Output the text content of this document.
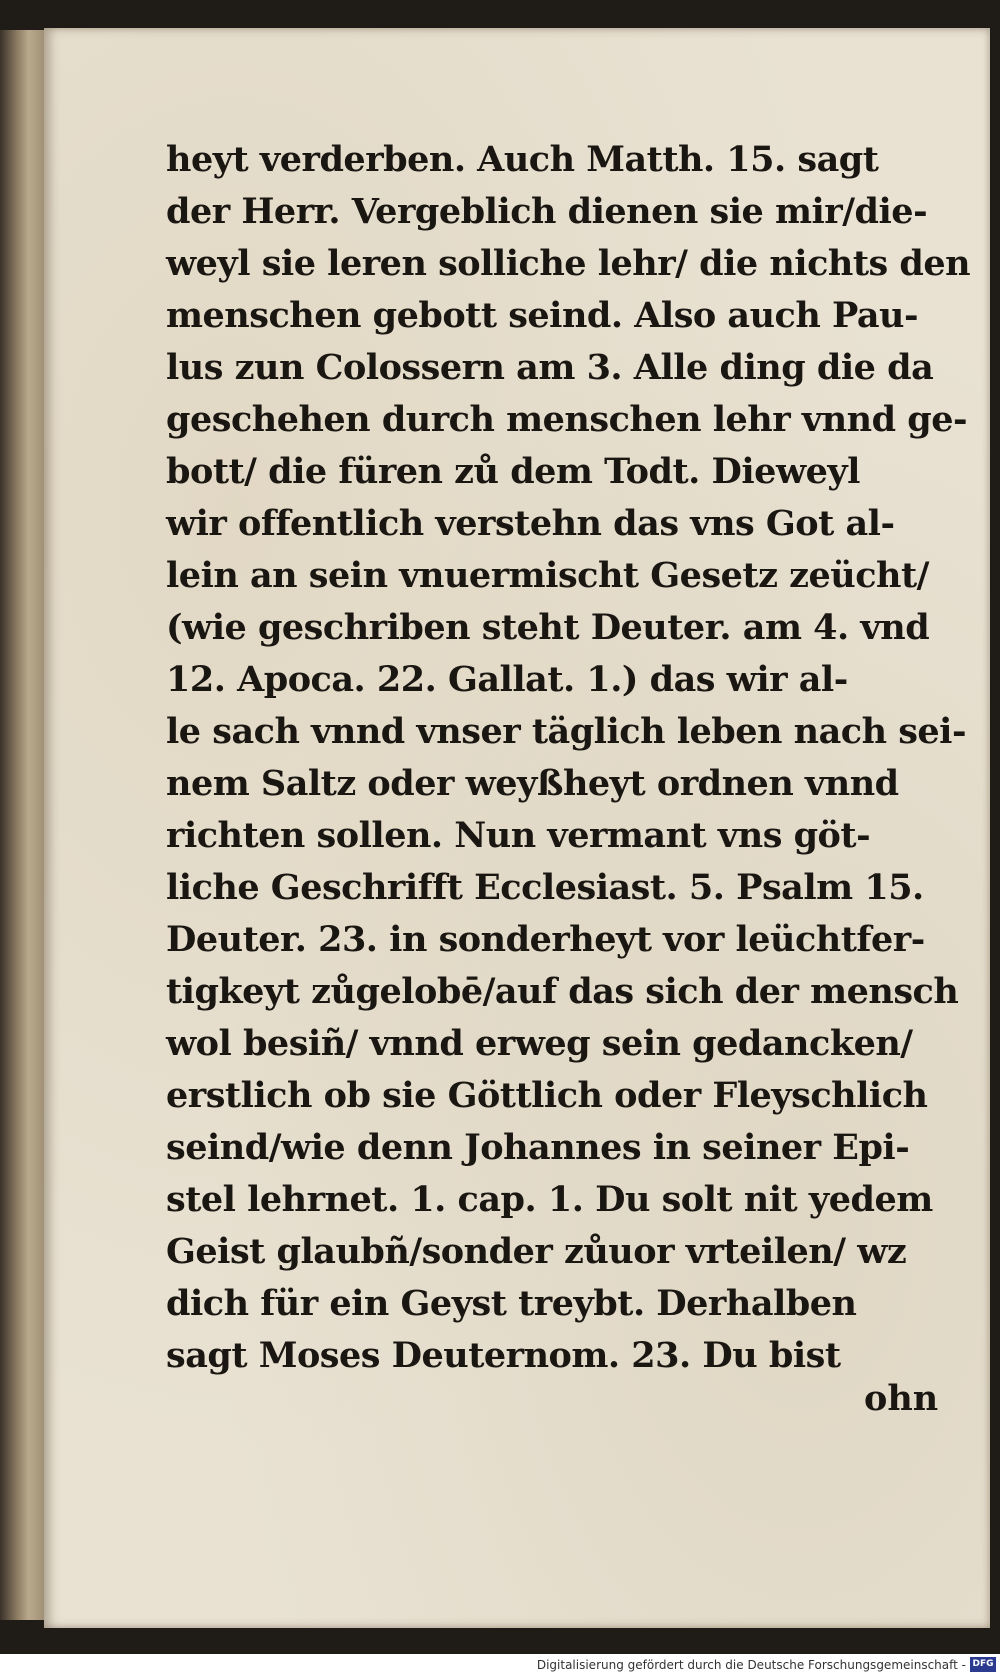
heyt verderben. Auch Matth. 15. sagt
der Herr. Vergeblich dienen sie mir/die-
weyl sie leren solliche lehr/ die nichts den
menschen gebott seind. Also auch Pau-
lus zun Colossern am 3. Alle ding die da
geschehen durch menschen lehr vnnd ge-
bott/ die füren zů dem Todt. Dieweyl
wir offentlich verstehn das vns Got al-
lein an sein vnuermischt Gesetz zeücht/
(wie geschriben steht Deuter. am 4. vnd
12. Apoca. 22. Gallat. 1.) das wir al-
le sach vnnd vnser täglich leben nach sei-
nem Saltz oder weyßheyt ordnen vnnd
richten sollen. Nun vermant vns göt-
liche Geschrifft Ecclesiast. 5. Psalm 15.
Deuter. 23. in sonderheyt vor leüchtfer-
tigkeyt zůgelobē/auf das sich der mensch
wol besiñ/ vnnd erweg sein gedancken/
erstlich ob sie Göttlich oder Fleyschlich
seind/wie denn Johannes in seiner Epi-
stel lehrnet. 1. cap. 1. Du solt nit yedem
Geist glaubñ/sonder zůuor vrteilen/ wz
dich für ein Geyst treybt. Derhalben
sagt Moses Deuternom. 23. Du bist
ohn
Digitalisierung gefördert durch die Deutsche Forschungsgemeinschaft - DFG
